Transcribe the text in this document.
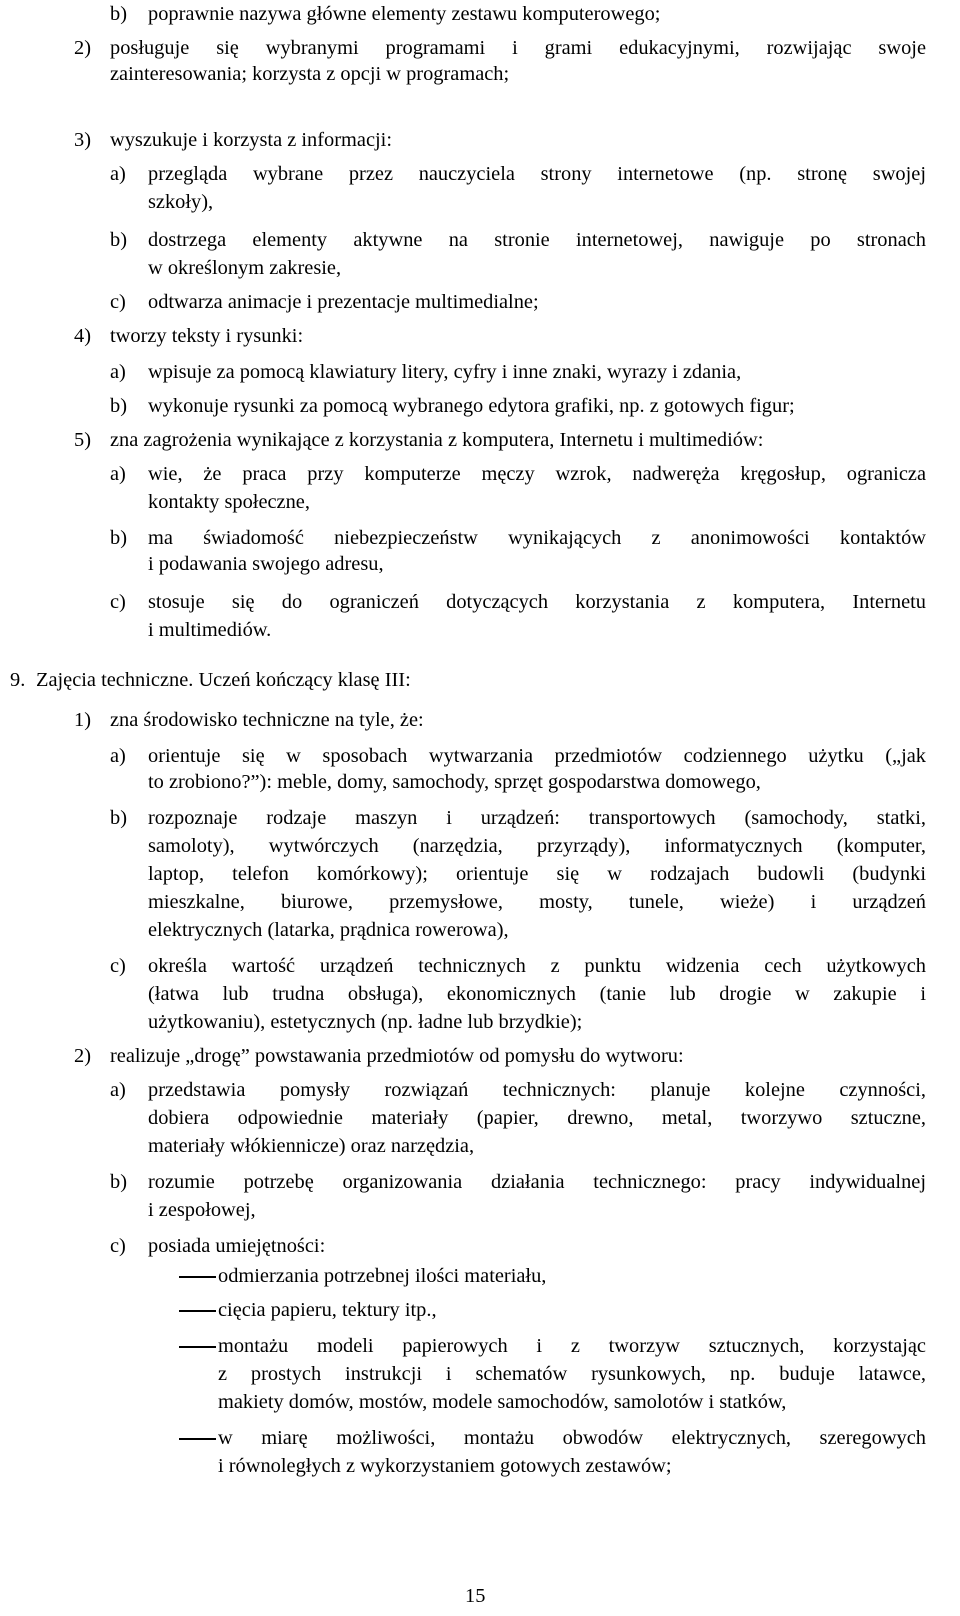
b) poprawnie nazywa główne elementy zestawu komputerowego;
2) posługuje się wybranymi programami i grami edukacyjnymi, rozwijając swoje
zainteresowania; korzysta z opcji w programach;
3) wyszukuje i korzysta z informacji:
a) przegląda wybrane przez nauczyciela strony internetowe (np. stronę swojej
szkoły),
b) dostrzega elementy aktywne na stronie internetowej, nawiguje po stronach
w określonym zakresie,
c) odtwarza animacje i prezentacje multimedialne;
4) tworzy teksty i rysunki:
a) wpisuje za pomocą klawiatury litery, cyfry i inne znaki, wyrazy i zdania,
b) wykonuje rysunki za pomocą wybranego edytora grafiki, np. z gotowych figur;
5) zna zagrożenia wynikające z korzystania z komputera, Internetu i multimediów:
a) wie, że praca przy komputerze męczy wzrok, nadweręża kręgosłup, ogranicza
kontakty społeczne,
b) ma świadomość niebezpieczeństw wynikających z anonimowości kontaktów
i podawania swojego adresu,
c) stosuje się do ograniczeń dotyczących korzystania z komputera, Internetu
i multimediów.
9. Zajęcia techniczne. Uczeń kończący klasę III:
1) zna środowisko techniczne na tyle, że:
a) orientuje się w sposobach wytwarzania przedmiotów codziennego użytku („jak
to zrobiono?”): meble, domy, samochody, sprzęt gospodarstwa domowego,
b) rozpoznaje rodzaje maszyn i urządzeń: transportowych (samochody, statki,
samoloty), wytwórczych (narzędzia, przyrządy), informatycznych (komputer,
laptop, telefon komórkowy); orientuje się w rodzajach budowli (budynki
mieszkalne, biurowe, przemysłowe, mosty, tunele, wieże) i urządzeń
elektrycznych (latarka, prądnica rowerowa),
c) określa wartość urządzeń technicznych z punktu widzenia cech użytkowych
(łatwa lub trudna obsługa), ekonomicznych (tanie lub drogie w zakupie i
użytkowaniu), estetycznych (np. ładne lub brzydkie);
2) realizuje „drogę” powstawania przedmiotów od pomysłu do wytworu:
a) przedstawia pomysły rozwiązań technicznych: planuje kolejne czynności,
dobiera odpowiednie materiały (papier, drewno, metal, tworzywo sztuczne,
materiały włókiennicze) oraz narzędzia,
b) rozumie potrzebę organizowania działania technicznego: pracy indywidualnej
i zespołowej,
c) posiada umiejętności:
odmierzania potrzebnej ilości materiału,
cięcia papieru, tektury itp.,
montażu modeli papierowych i z tworzyw sztucznych, korzystając
z prostych instrukcji i schematów rysunkowych, np. buduje latawce,
makiety domów, mostów, modele samochodów, samolotów i statków,
w miarę możliwości, montażu obwodów elektrycznych, szeregowych
i równoległych z wykorzystaniem gotowych zestawów;
15
